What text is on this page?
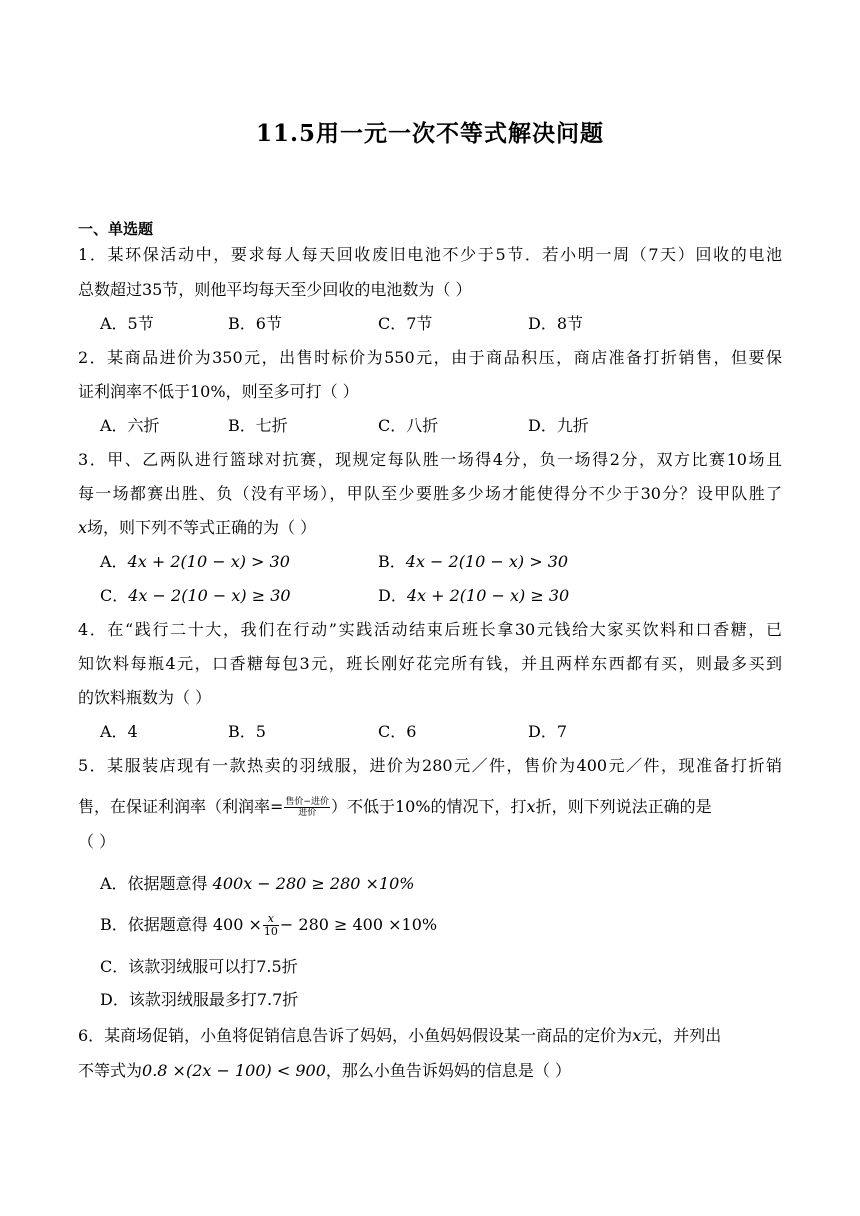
11.5用一元一次不等式解决问题
一、单选题
1．某环保活动中，要求每人每天回收废旧电池不少于5节．若小明一周（7天）回收的电池
总数超过35节，则他平均每天至少回收的电池数为（ ）
A．5节	B．6节	C．7节	D．8节
2．某商品进价为350元，出售时标价为550元，由于商品积压，商店准备打折销售，但要保
证利润率不低于10%，则至多可打（ ）
A．六折	B．七折	C．八折	D．九折
3．甲、乙两队进行篮球对抗赛，现规定每队胜一场得4分，负一场得2分，双方比赛10场且
每一场都赛出胜、负（没有平场），甲队至少要胜多少场才能使得分不少于30分？设甲队胜了
x场，则下列不等式正确的为（ ）
A．4x + 2(10 − x) > 30	B．4x − 2(10 − x) > 30
C．4x − 2(10 − x) ≥ 30	D．4x + 2(10 − x) ≥ 30
4．在“践行二十大，我们在行动”实践活动结束后班长拿30元钱给大家买饮料和口香糖，已
知饮料每瓶4元，口香糖每包3元，班长刚好花完所有钱，并且两样东西都有买，则最多买到
的饮料瓶数为（ ）
A．4	B．5	C．6	D．7
5．某服装店现有一款热卖的羽绒服，进价为280元／件，售价为400元／件，现准备打折销
售，在保证利润率（利润率= $\frac{\text{售价−进价}}{\text{进价}}$ ）不低于10%的情况下，打x折，则下列说法正确的是
（ ）
A．依据题意得 400x − 280 ≥ 280 ×10%
B．依据题意得 $400 \times \frac{x}{10} - 280 \ge 400 \times 10\%$
C．该款羽绒服可以打7.5折
D．该款羽绒服最多打7.7折
6．某商场促销，小鱼将促销信息告诉了妈妈，小鱼妈妈假设某一商品的定价为x元，并列出
不等式为0.8 ×(2x − 100) < 900，那么小鱼告诉妈妈的信息是（ ）
